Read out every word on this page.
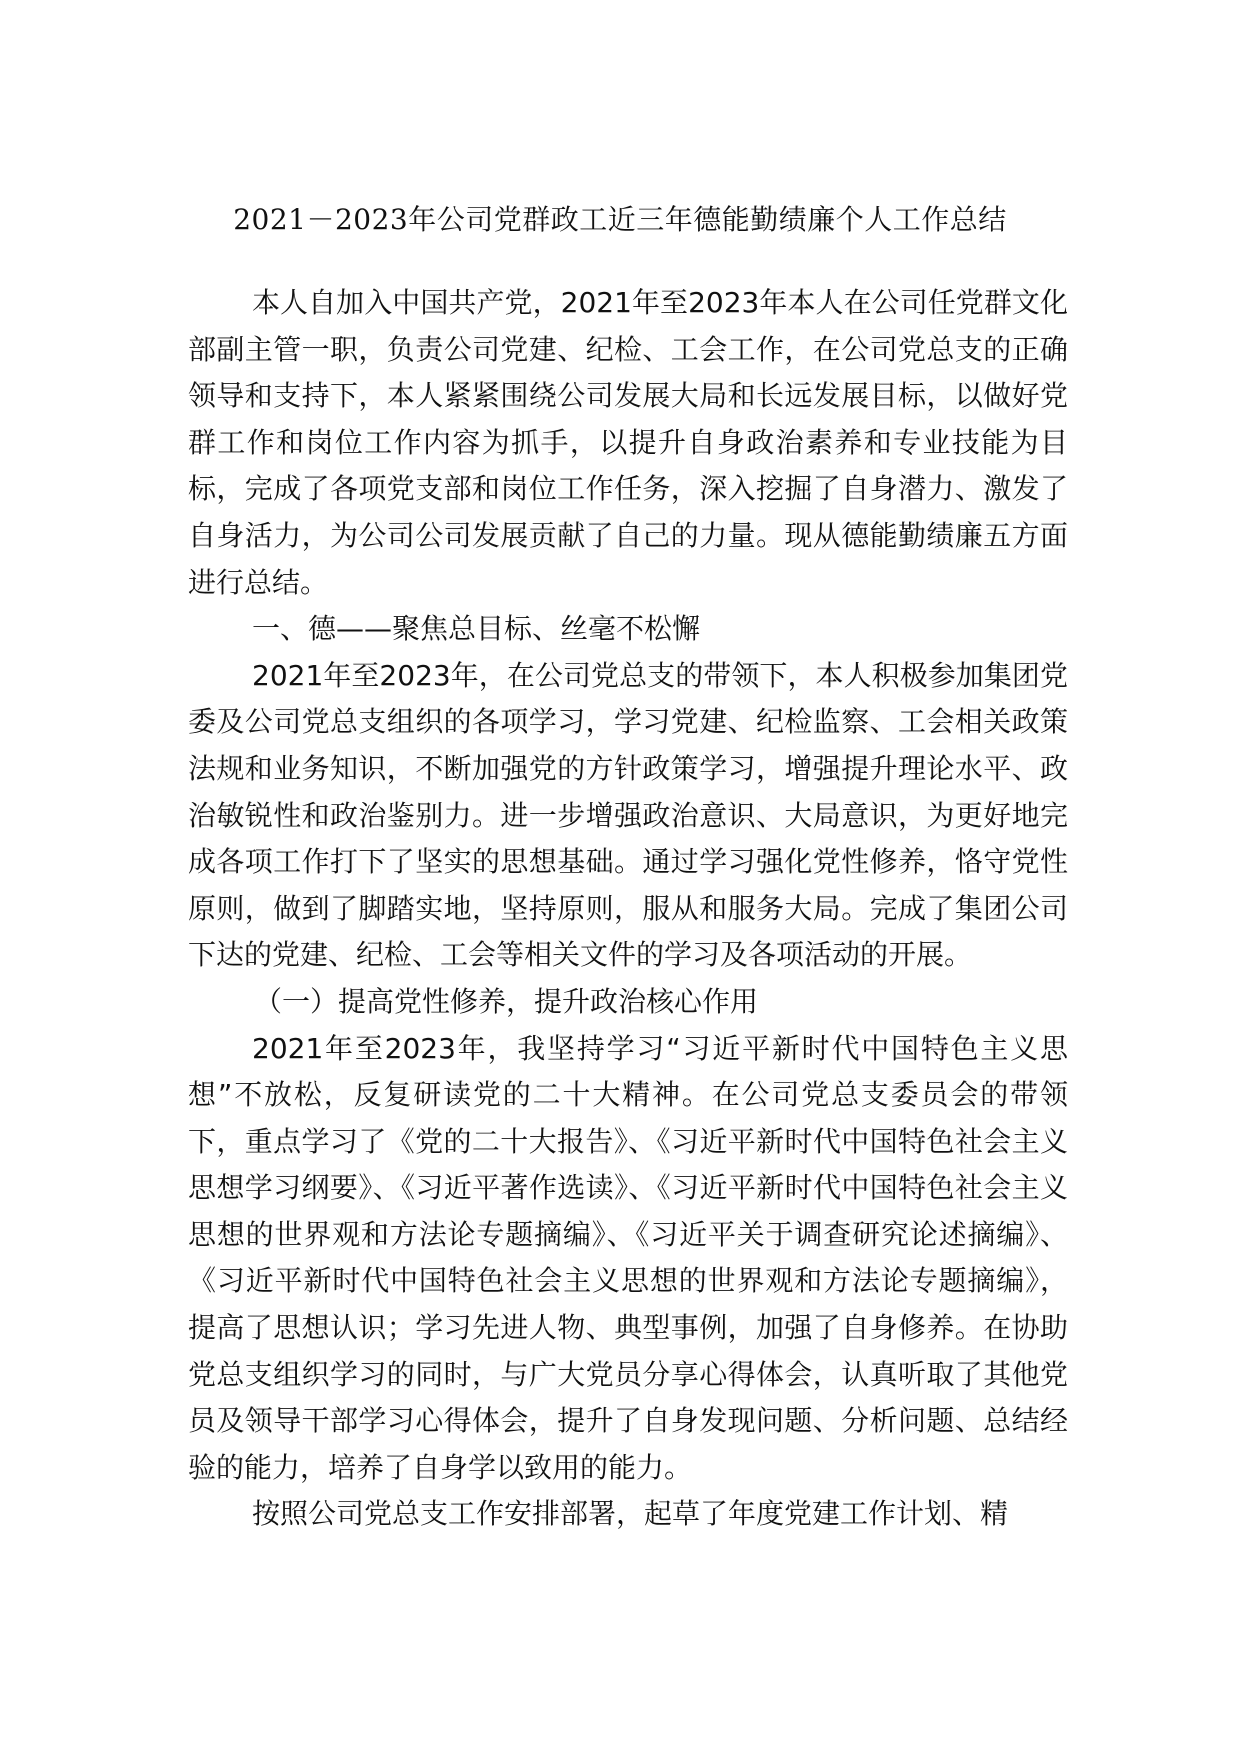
2021－2023年公司党群政工近三年德能勤绩廉个人工作总结

本人自加入中国共产党，2021年至2023年本人在公司任党群文化部副主管一职，负责公司党建、纪检、工会工作，在公司党总支的正确领导和支持下，本人紧紧围绕公司发展大局和长远发展目标，以做好党群工作和岗位工作内容为抓手，以提升自身政治素养和专业技能为目标，完成了各项党支部和岗位工作任务，深入挖掘了自身潜力、激发了自身活力，为公司公司发展贡献了自己的力量。现从德能勤绩廉五方面进行总结。

一、德——聚焦总目标、丝毫不松懈

2021年至2023年，在公司党总支的带领下，本人积极参加集团党委及公司党总支组织的各项学习，学习党建、纪检监察、工会相关政策法规和业务知识，不断加强党的方针政策学习，增强提升理论水平、政治敏锐性和政治鉴别力。进一步增强政治意识、大局意识，为更好地完成各项工作打下了坚实的思想基础。通过学习强化党性修养，恪守党性原则，做到了脚踏实地，坚持原则，服从和服务大局。完成了集团公司下达的党建、纪检、工会等相关文件的学习及各项活动的开展。

（一）提高党性修养，提升政治核心作用

2021年至2023年，我坚持学习“习近平新时代中国特色主义思想”不放松，反复研读党的二十大精神。在公司党总支委员会的带领下，重点学习了《党的二十大报告》、《习近平新时代中国特色社会主义思想学习纲要》、《习近平著作选读》、《习近平新时代中国特色社会主义思想的世界观和方法论专题摘编》、《习近平关于调查研究论述摘编》、《习近平新时代中国特色社会主义思想的世界观和方法论专题摘编》，提高了思想认识；学习先进人物、典型事例，加强了自身修养。在协助党总支组织学习的同时，与广大党员分享心得体会，认真听取了其他党员及领导干部学习心得体会，提升了自身发现问题、分析问题、总结经验的能力，培养了自身学以致用的能力。

按照公司党总支工作安排部署，起草了年度党建工作计划、精
